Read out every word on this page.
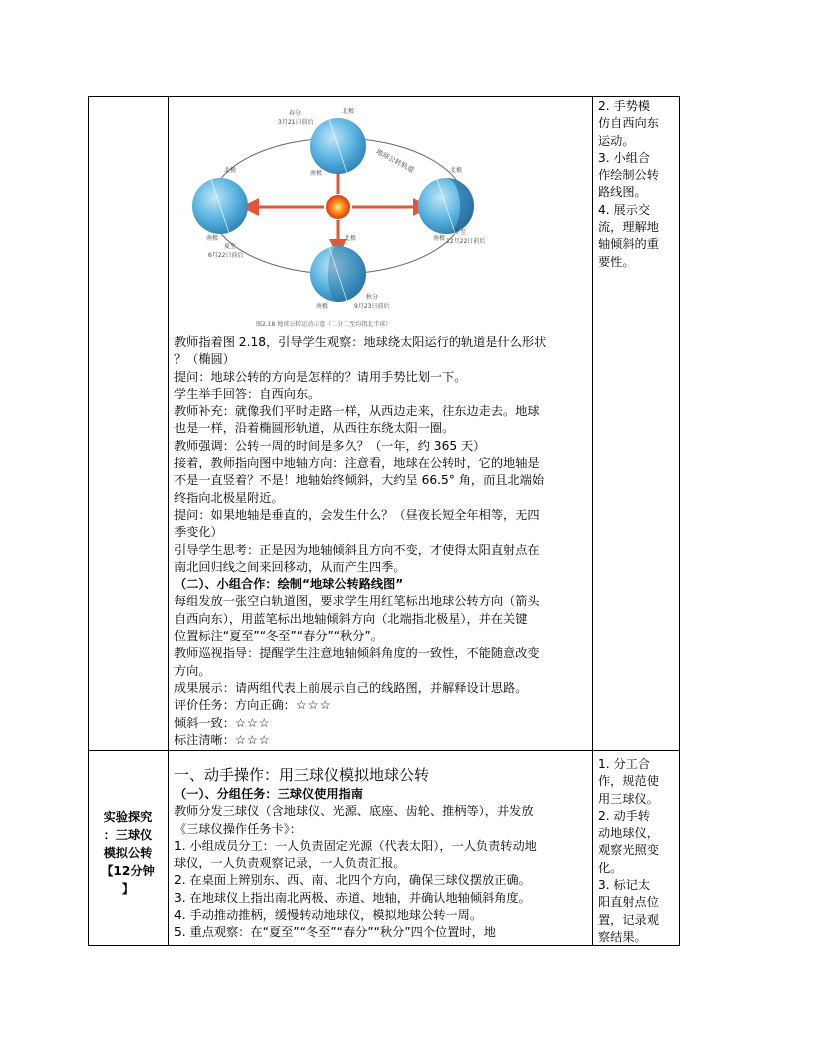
2. 手势模

仿自西向东

运动。

3. 小组合

作绘制公转

路线图。

4. 展示交

流，理解地

轴倾斜的重

要性。

春分
3月21日前后
北极
南极
北极
南极
夏至
6月22日前后
北极
南极
冬至
12月22日前后
北极
南极
秋分
9月23日前后
地球公转轨道
图2.18 地球公转运动示意（二分二至均指北半球）

教师指着图 2.18，引导学生观察：地球绕太阳运行的轨道是什么形状

？（椭圆）

提问：地球公转的方向是怎样的？请用手势比划一下。

学生举手回答：自西向东。

教师补充：就像我们平时走路一样，从西边走来，往东边走去。地球

也是一样，沿着椭圆形轨道，从西往东绕太阳一圈。

教师强调：公转一周的时间是多久？（一年，约 365 天）

接着，教师指向图中地轴方向：注意看，地球在公转时，它的地轴是

不是一直竖着？不是！地轴始终倾斜，大约呈 66.5° 角，而且北端始

终指向北极星附近。

提问：如果地轴是垂直的，会发生什么？（昼夜长短全年相等，无四

季变化）

引导学生思考：正是因为地轴倾斜且方向不变，才使得太阳直射点在

南北回归线之间来回移动，从而产生四季。

（二）、小组合作：绘制“地球公转路线图”

每组发放一张空白轨道图，要求学生用红笔标出地球公转方向（箭头

自西向东），用蓝笔标出地轴倾斜方向（北端指北极星），并在关键

位置标注“夏至”“冬至”“春分”“秋分”。

教师巡视指导：提醒学生注意地轴倾斜角度的一致性，不能随意改变

方向。

成果展示：请两组代表上前展示自己的线路图，并解释设计思路。

评价任务：方向正确：☆☆☆

倾斜一致：☆☆☆

标注清晰：☆☆☆

实验探究
：三球仪
模拟公转
【12分钟
】

一、动手操作：用三球仪模拟地球公转

（一）、分组任务：三球仪使用指南

教师分发三球仪（含地球仪、光源、底座、齿轮、推柄等），并发放

《三球仪操作任务卡》：

1. 小组成员分工：一人负责固定光源（代表太阳），一人负责转动地

球仪，一人负责观察记录，一人负责汇报。

2. 在桌面上辨别东、西、南、北四个方向，确保三球仪摆放正确。

3. 在地球仪上指出南北两极、赤道、地轴，并确认地轴倾斜角度。

4. 手动推动推柄，缓慢转动地球仪，模拟地球公转一周。

5. 重点观察：在“夏至”“冬至”“春分”“秋分”四个位置时，地

1. 分工合

作，规范使

用三球仪。

2. 动手转

动地球仪，

观察光照变

化。

3. 标记太

阳直射点位

置，记录观

察结果。
